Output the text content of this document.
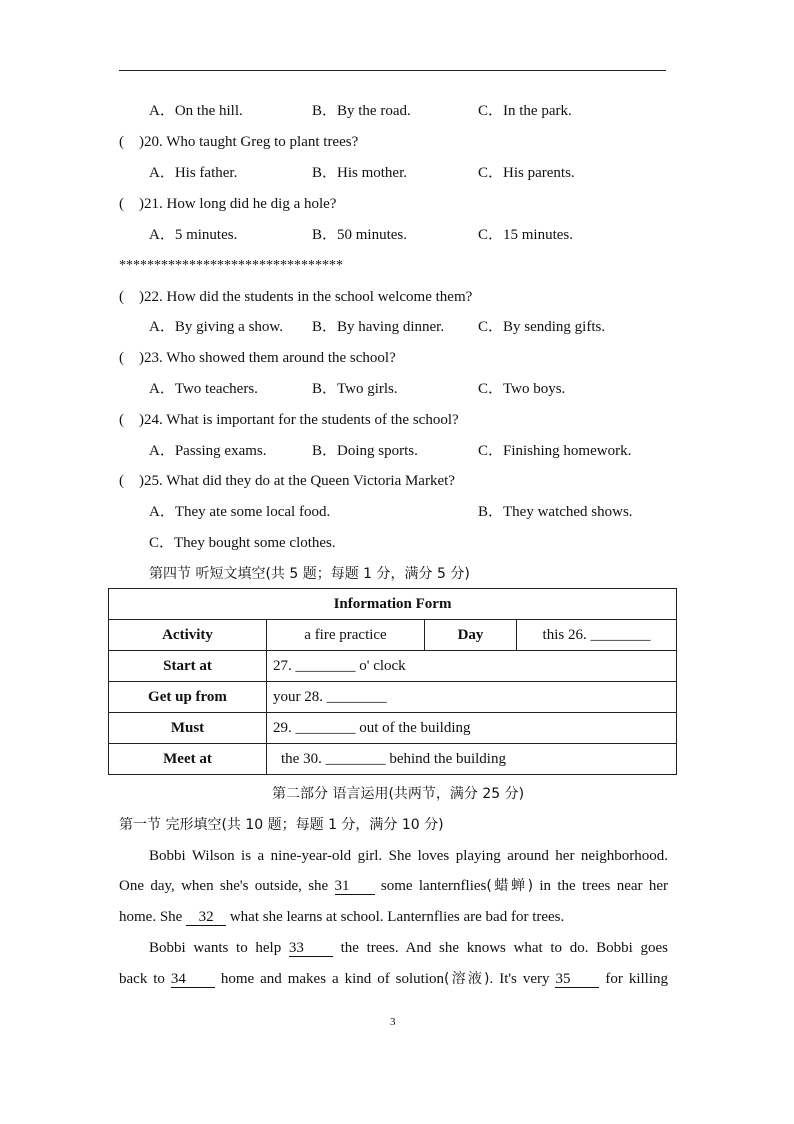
A．On the hill.	B．By the road.	C．In the park.
( )20. Who taught Greg to plant trees?
A．His father.	B．His mother.	C．His parents.
( )21. How long did he dig a hole?
A．5 minutes.	B．50 minutes.	C．15 minutes.
********************************
( )22. How did the students in the school welcome them?
A．By giving a show. B．By having dinner. C．By sending gifts.
( )23. Who showed them around the school?
A．Two teachers.	B．Two girls.	C．Two boys.
( )24. What is important for the students of the school?
A．Passing exams.	B．Doing sports.	C．Finishing homework.
( )25. What did they do at the Queen Victoria Market?
A．They ate some local food.	B．They watched shows.
C．They bought some clothes.
第四节 听短文填空(共 5 题；每题 1 分，满分 5 分)
Information Form			
Activity	a fire practice	Day	this 26. ________
Start at	27. ________ o' clock		
Get up from	your 28. ________		
Must	29. ________ out of the building		
Meet at	the 30. ________ behind the building		
第二部分 语言运用(共两节，满分 25 分)
第一节 完形填空(共 10 题；每题 1 分，满分 10 分)
Bobbi Wilson is a nine-year-old girl. She loves playing around her neighborhood.
One day, when she's outside, she 31 some lanternflies(蜡蝉) in the trees near her
home. She 32 what she learns at school. Lanternflies are bad for trees.
Bobbi wants to help 33 the trees. And she knows what to do. Bobbi goes
back to 34 home and makes a kind of solution(溶液). It's very 35 for killing
3
